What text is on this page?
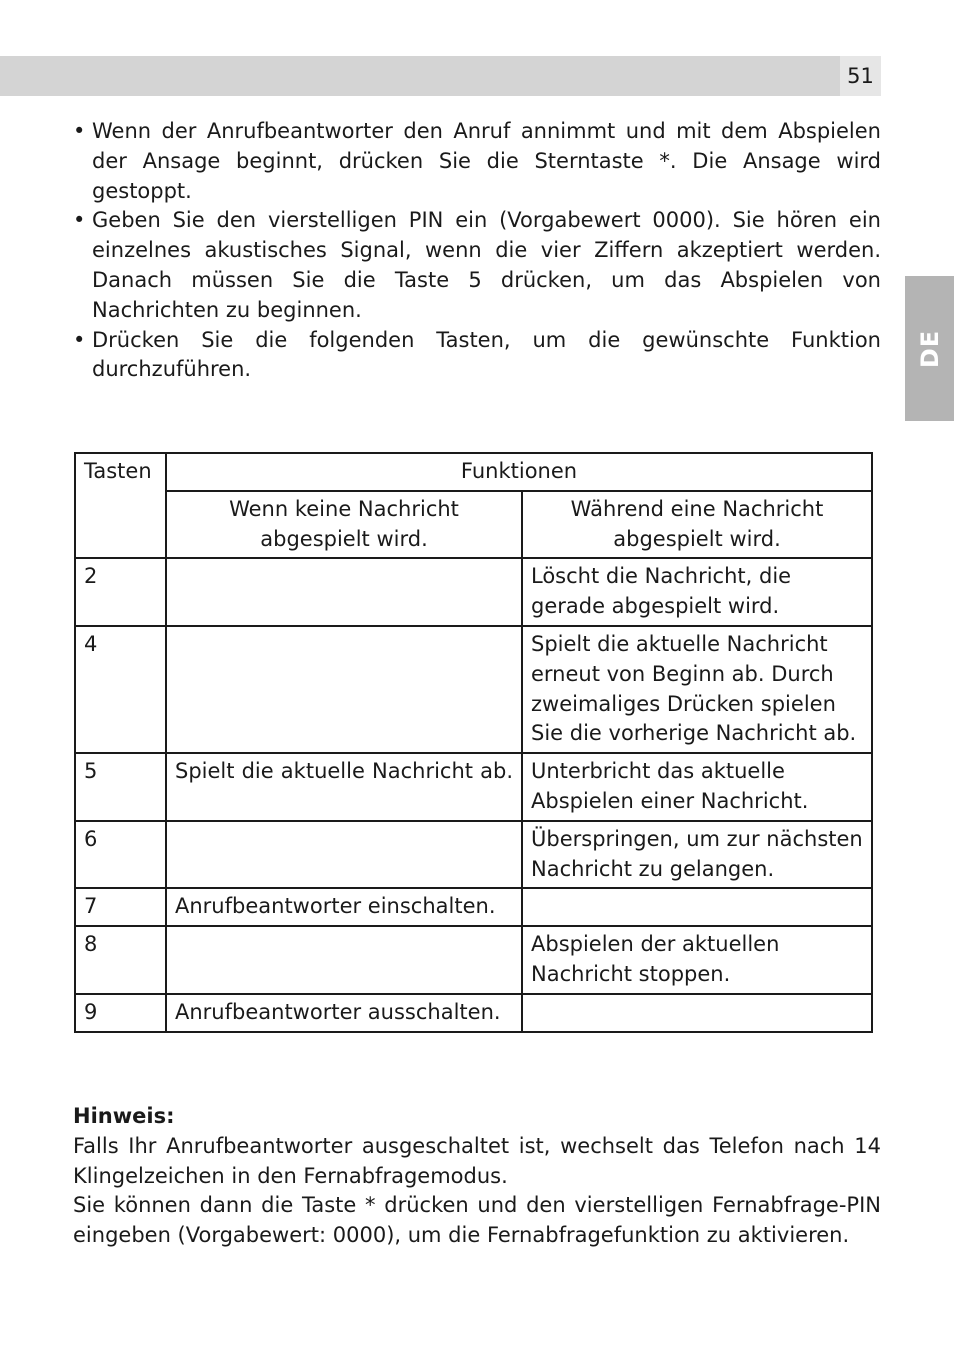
51
DE
• Wenn der Anrufbeantworter den Anruf annimmt und mit dem Abspielen der Ansage beginnt, drücken Sie die Sterntaste *. Die Ansage wird gestoppt.
• Geben Sie den vierstelligen PIN ein (Vorgabewert 0000). Sie hören ein einzelnes akustisches Signal, wenn die vier Ziffern akzeptiert werden. Danach müssen Sie die Taste 5 drücken, um das Abspielen von Nachrichten zu beginnen.
• Drücken Sie die folgenden Tasten, um die gewünschte Funktion durchzuführen.
Tasten	Funktionen	
	Wenn keine Nachricht abgespielt wird.	Während eine Nachricht abgespielt wird.
2		Löscht die Nachricht, die gerade abgespielt wird.
4		Spielt die aktuelle Nachricht erneut von Beginn ab. Durch zweimaliges Drücken spielen Sie die vorherige Nachricht ab.
5	Spielt die aktuelle Nachricht ab.	Unterbricht das aktuelle Abspielen einer Nachricht.
6		Überspringen, um zur nächsten Nachricht zu gelangen.
7	Anrufbeantworter einschalten.	
8		Abspielen der aktuellen Nachricht stoppen.
9	Anrufbeantworter ausschalten.	
Hinweis:

Falls Ihr Anrufbeantworter ausgeschaltet ist, wechselt das Telefon nach 14 Klingelzeichen in den Fernabfragemodus.

Sie können dann die Taste * drücken und den vierstelligen Fernabfrage-PIN eingeben (Vorgabewert: 0000), um die Fernabfragefunktion zu aktivieren.
